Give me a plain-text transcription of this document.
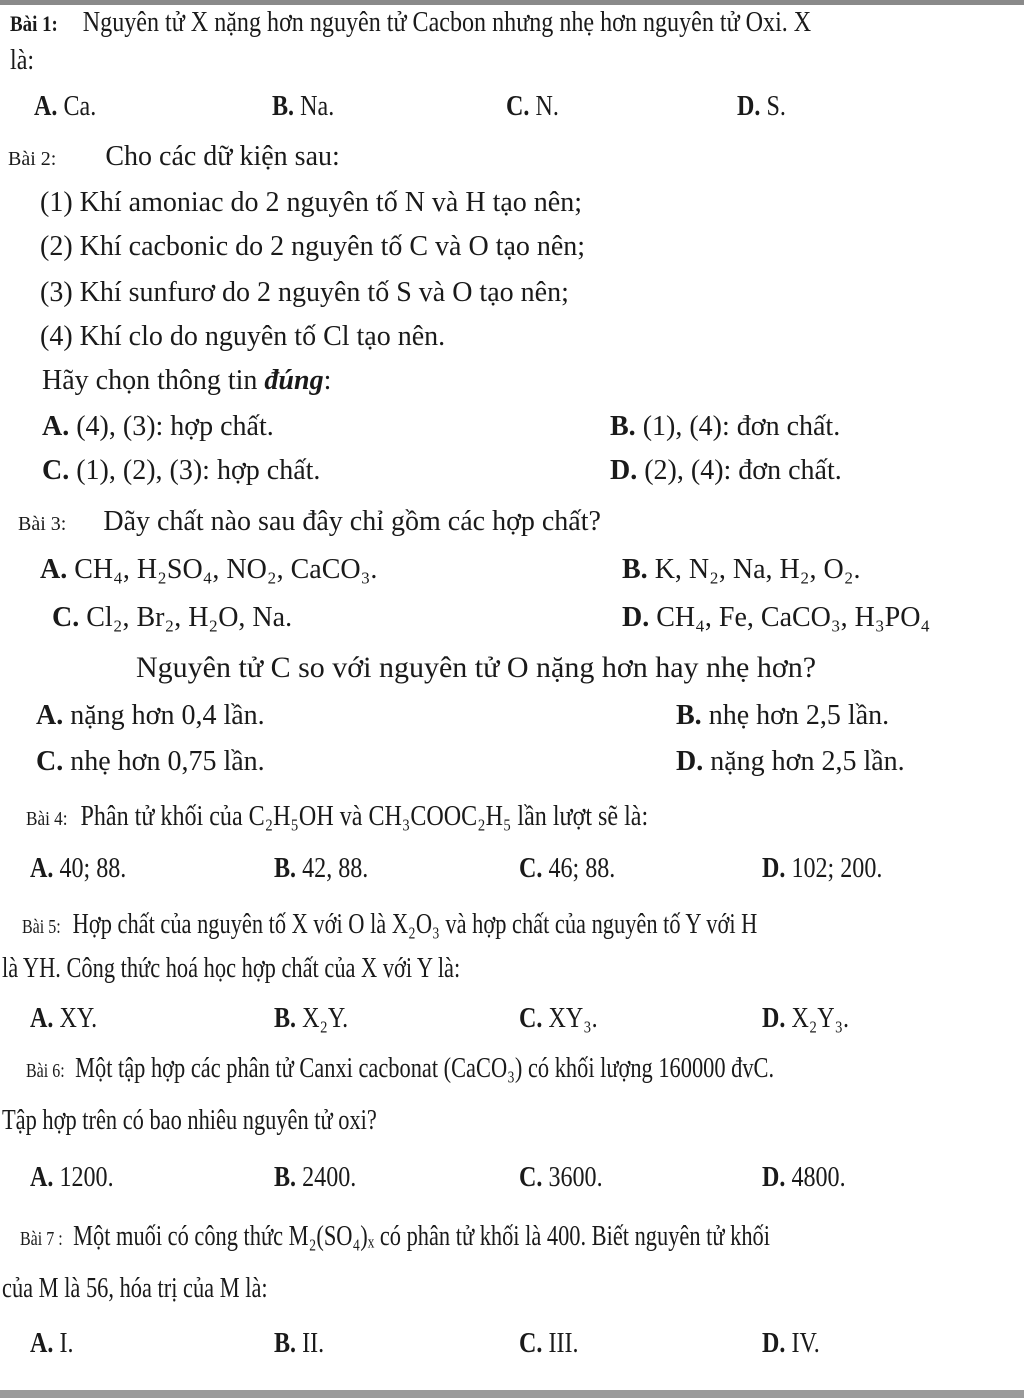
Bài 1: Nguyên tử X nặng hơn nguyên tử Cacbon nhưng nhẹ hơn nguyên tử Oxi. X
là:
A. Ca.	B. Na.	C. N.	D. S.
Bài 2: Cho các dữ kiện sau:
(1) Khí amoniac do 2 nguyên tố N và H tạo nên;
(2) Khí cacbonic do 2 nguyên tố C và O tạo nên;
(3) Khí sunfurơ do 2 nguyên tố S và O tạo nên;
(4) Khí clo do nguyên tố Cl tạo nên.
Hãy chọn thông tin đúng:
A. (4), (3): hợp chất.	B. (1), (4): đơn chất.
C. (1), (2), (3): hợp chất.	D. (2), (4): đơn chất.
Bài 3: Dãy chất nào sau đây chỉ gồm các hợp chất?
A. CH₄, H₂SO₄, NO₂, CaCO₃.	B. K, N₂, Na, H₂, O₂.
C. Cl₂, Br₂, H₂O, Na.	D. CH₄, Fe, CaCO₃, H₃PO₄
Nguyên tử C so với nguyên tử O nặng hơn hay nhẹ hơn?
A. nặng hơn 0,4 lần.	B. nhẹ hơn 2,5 lần.
C. nhẹ hơn 0,75 lần.	D. nặng hơn 2,5 lần.
Bài 4: Phân tử khối của C₂H₅OH và CH₃COOC₂H₅ lần lượt sẽ là:
A. 40; 88.	B. 42, 88.	C. 46; 88.	D. 102; 200.
Bài 5: Hợp chất của nguyên tố X với O là X₂O₃ và hợp chất của nguyên tố Y với H
là YH. Công thức hoá học hợp chất của X với Y là:
A. XY.	B. X₂Y.	C. XY₃.	D. X₂Y₃.
Bài 6: Một tập hợp các phân tử Canxi cacbonat (CaCO₃) có khối lượng 160000 đvC.
Tập hợp trên có bao nhiêu nguyên tử oxi?
A. 1200.	B. 2400.	C. 3600.	D. 4800.
Bài 7 : Một muối có công thức M₂(SO₄)ₓ có phân tử khối là 400. Biết nguyên tử khối
của M là 56, hóa trị của M là:
A. I.	B. II.	C. III.	D. IV.
